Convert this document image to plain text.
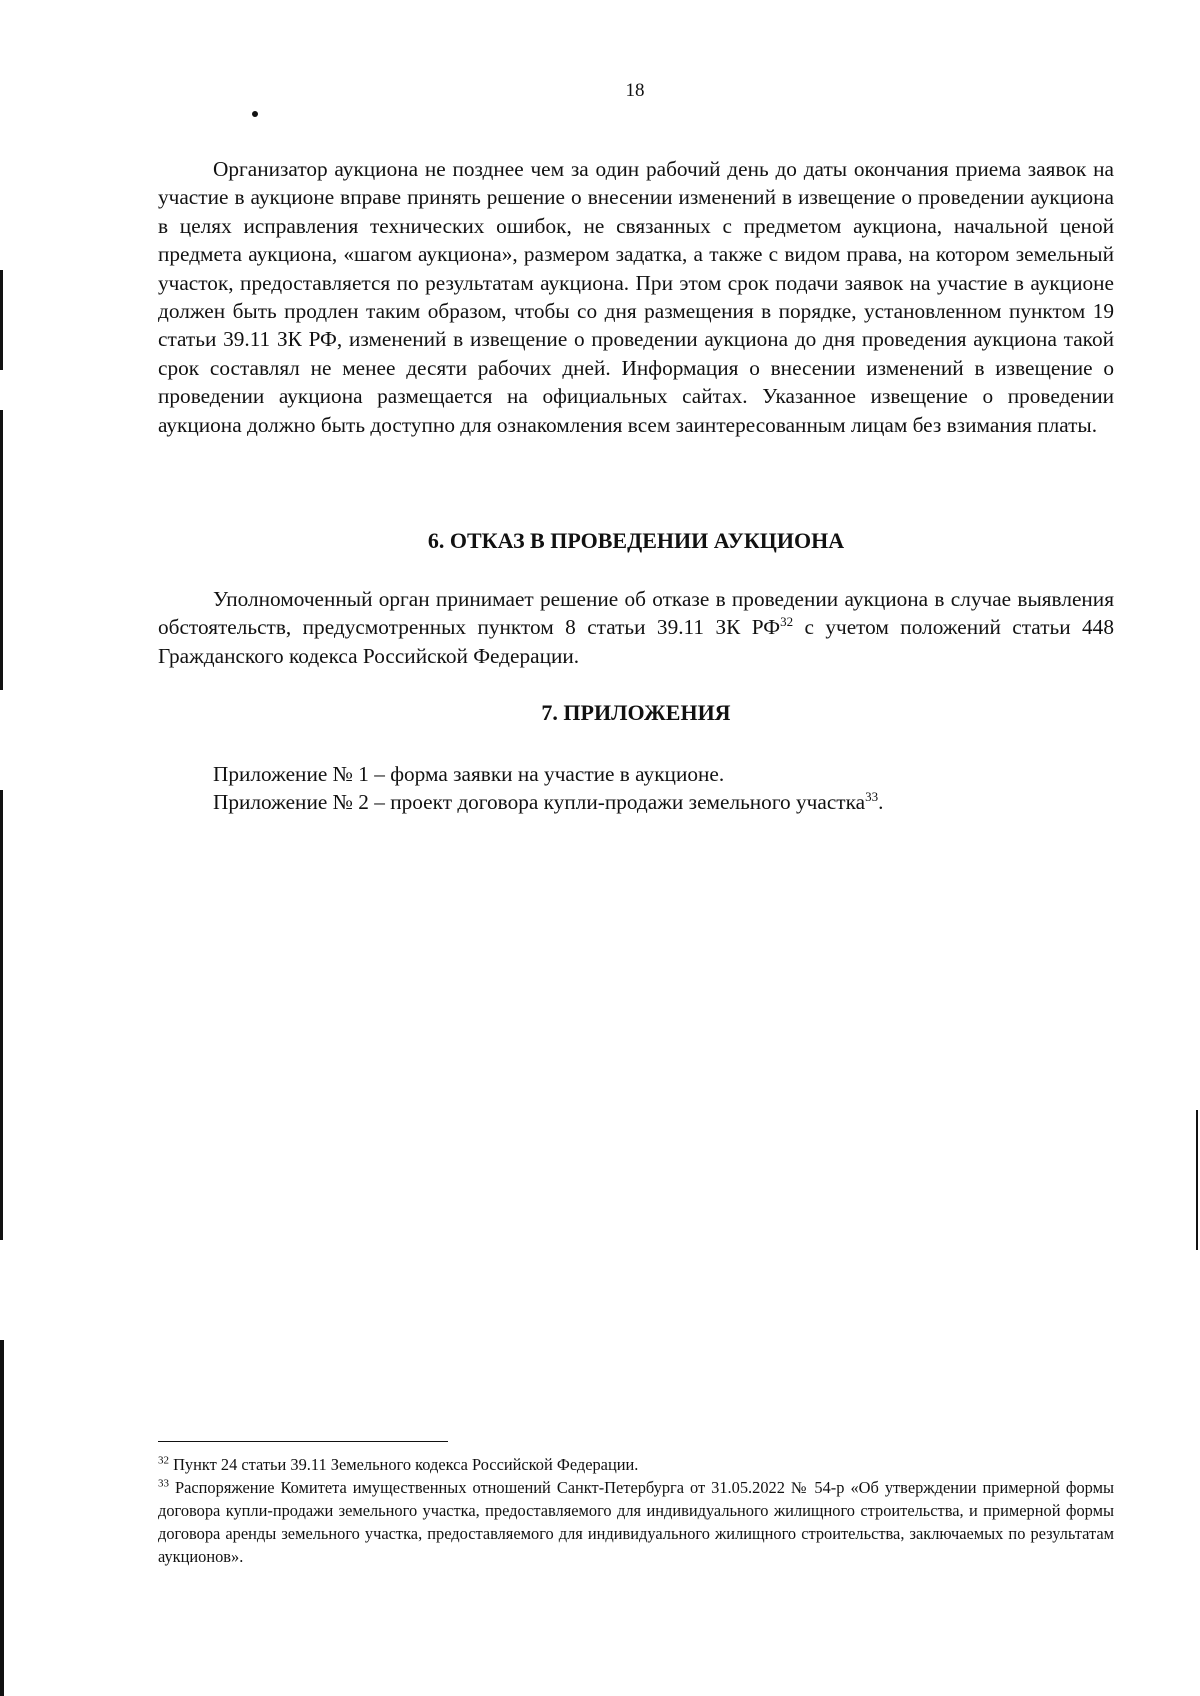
18

Организатор аукциона не позднее чем за один рабочий день до даты окончания приема заявок на участие в аукционе вправе принять решение о внесении изменений в извещение о проведении аукциона в целях исправления технических ошибок, не связанных с предметом аукциона, начальной ценой предмета аукциона, «шагом аукциона», размером задатка, а также с видом права, на котором земельный участок, предоставляется по результатам аукциона. При этом срок подачи заявок на участие в аукционе должен быть продлен таким образом, чтобы со дня размещения в порядке, установленном пунктом 19 статьи 39.11 ЗК РФ, изменений в извещение о проведении аукциона до дня проведения аукциона такой срок составлял не менее десяти рабочих дней. Информация о внесении изменений в извещение о проведении аукциона размещается на официальных сайтах. Указанное извещение о проведении аукциона должно быть доступно для ознакомления всем заинтересованным лицам без взимания платы.

6. ОТКАЗ В ПРОВЕДЕНИИ АУКЦИОНА

Уполномоченный орган принимает решение об отказе в проведении аукциона в случае выявления обстоятельств, предусмотренных пунктом 8 статьи 39.11 ЗК РФ$^{32}$ с учетом положений статьи 448 Гражданского кодекса Российской Федерации.

7. ПРИЛОЖЕНИЯ

Приложение № 1 – форма заявки на участие в аукционе.

Приложение № 2 – проект договора купли-продажи земельного участка$^{33}$.

$^{32}$ Пункт 24 статьи 39.11 Земельного кодекса Российской Федерации.

$^{33}$ Распоряжение Комитета имущественных отношений Санкт-Петербурга от 31.05.2022 № 54-р «Об утверждении примерной формы договора купли-продажи земельного участка, предоставляемого для индивидуального жилищного строительства, и примерной формы договора аренды земельного участка, предоставляемого для индивидуального жилищного строительства, заключаемых по результатам аукционов».
